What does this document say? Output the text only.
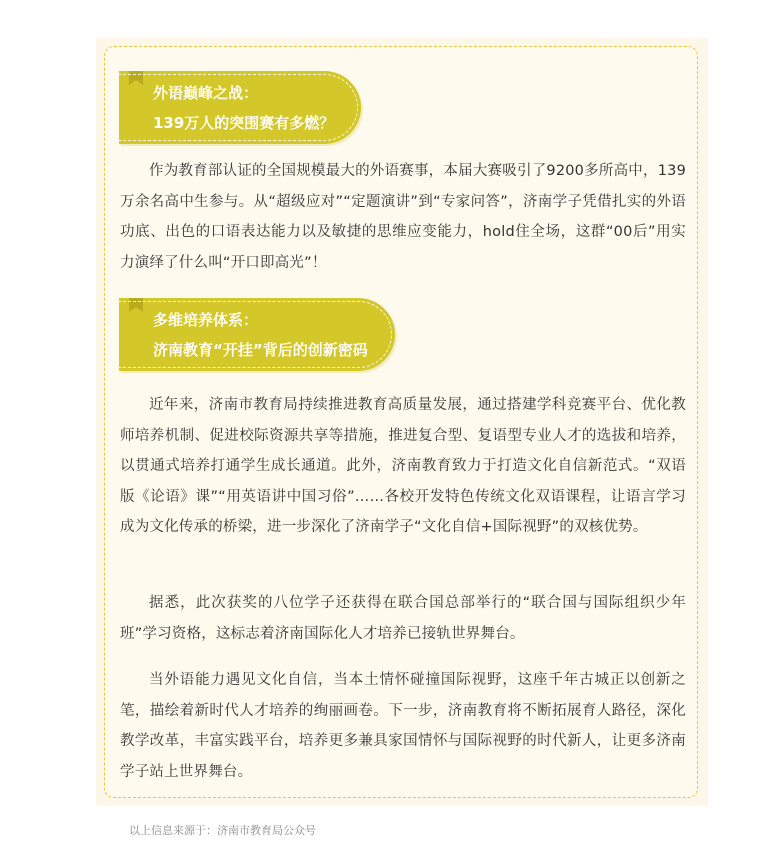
外语巅峰之战：
139万人的突围赛有多燃？

作为教育部认证的全国规模最大的外语赛事，本届大赛吸引了9200多所高中，139万余名高中生参与。从“超级应对”“定题演讲”到“专家问答”，济南学子凭借扎实的外语功底、出色的口语表达能力以及敏捷的思维应变能力，hold住全场，这群“00后”用实力演绎了什么叫“开口即高光”！

多维培养体系：
济南教育“开挂”背后的创新密码

近年来，济南市教育局持续推进教育高质量发展，通过搭建学科竞赛平台、优化教师培养机制、促进校际资源共享等措施，推进复合型、复语型专业人才的选拔和培养，以贯通式培养打通学生成长通道。此外，济南教育致力于打造文化自信新范式。“双语版《论语》课”“用英语讲中国习俗”……各校开发特色传统文化双语课程，让语言学习成为文化传承的桥梁，进一步深化了济南学子“文化自信+国际视野”的双核优势。

据悉，此次获奖的八位学子还获得在联合国总部举行的“联合国与国际组织少年班”学习资格，这标志着济南国际化人才培养已接轨世界舞台。

当外语能力遇见文化自信，当本土情怀碰撞国际视野，这座千年古城正以创新之笔，描绘着新时代人才培养的绚丽画卷。下一步，济南教育将不断拓展育人路径，深化教学改革，丰富实践平台，培养更多兼具家国情怀与国际视野的时代新人，让更多济南学子站上世界舞台。

以上信息来源于：济南市教育局公众号
